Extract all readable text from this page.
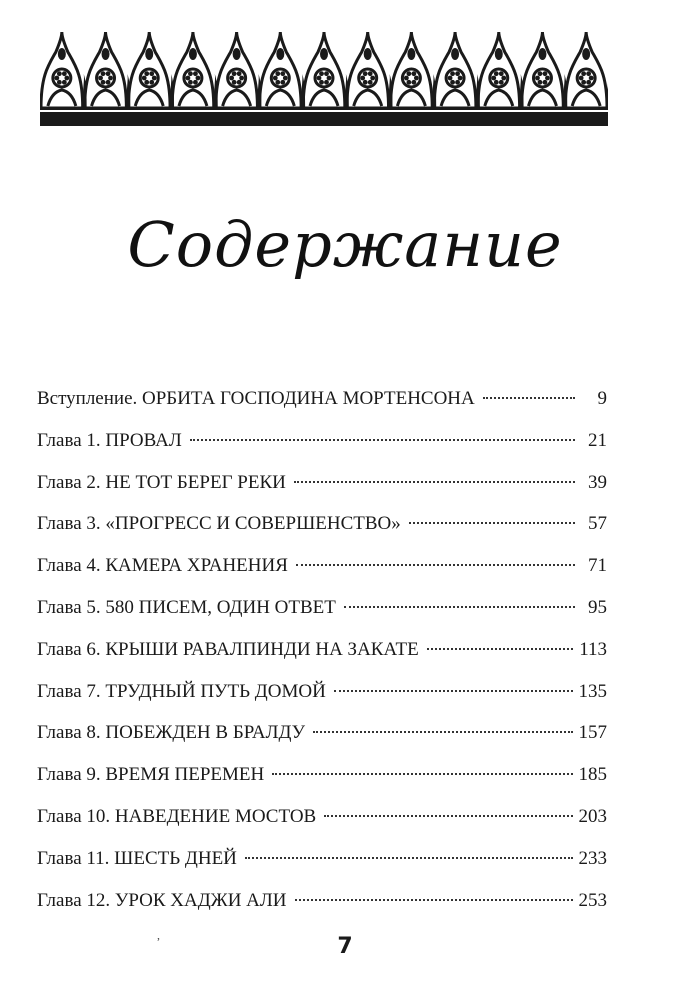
Содержание
Вступление. ОРБИТА ГОСПОДИНА МОРТЕНСОНА	9
Глава 1. ПРОВАЛ	21
Глава 2. НЕ ТОТ БЕРЕГ РЕКИ	39
Глава 3. «ПРОГРЕСС И СОВЕРШЕНСТВО»	57
Глава 4. КАМЕРА ХРАНЕНИЯ	71
Глава 5. 580 ПИСЕМ, ОДИН ОТВЕТ	95
Глава 6. КРЫШИ РАВАЛПИНДИ НА ЗАКАТЕ	113
Глава 7. ТРУДНЫЙ ПУТЬ ДОМОЙ	135
Глава 8. ПОБЕЖДЕН В БРАЛДУ	157
Глава 9. ВРЕМЯ ПЕРЕМЕН	185
Глава 10. НАВЕДЕНИЕ МОСТОВ	203
Глава 11. ШЕСТЬ ДНЕЙ	233
Глава 12. УРОК ХАДЖИ АЛИ	253
,	7
